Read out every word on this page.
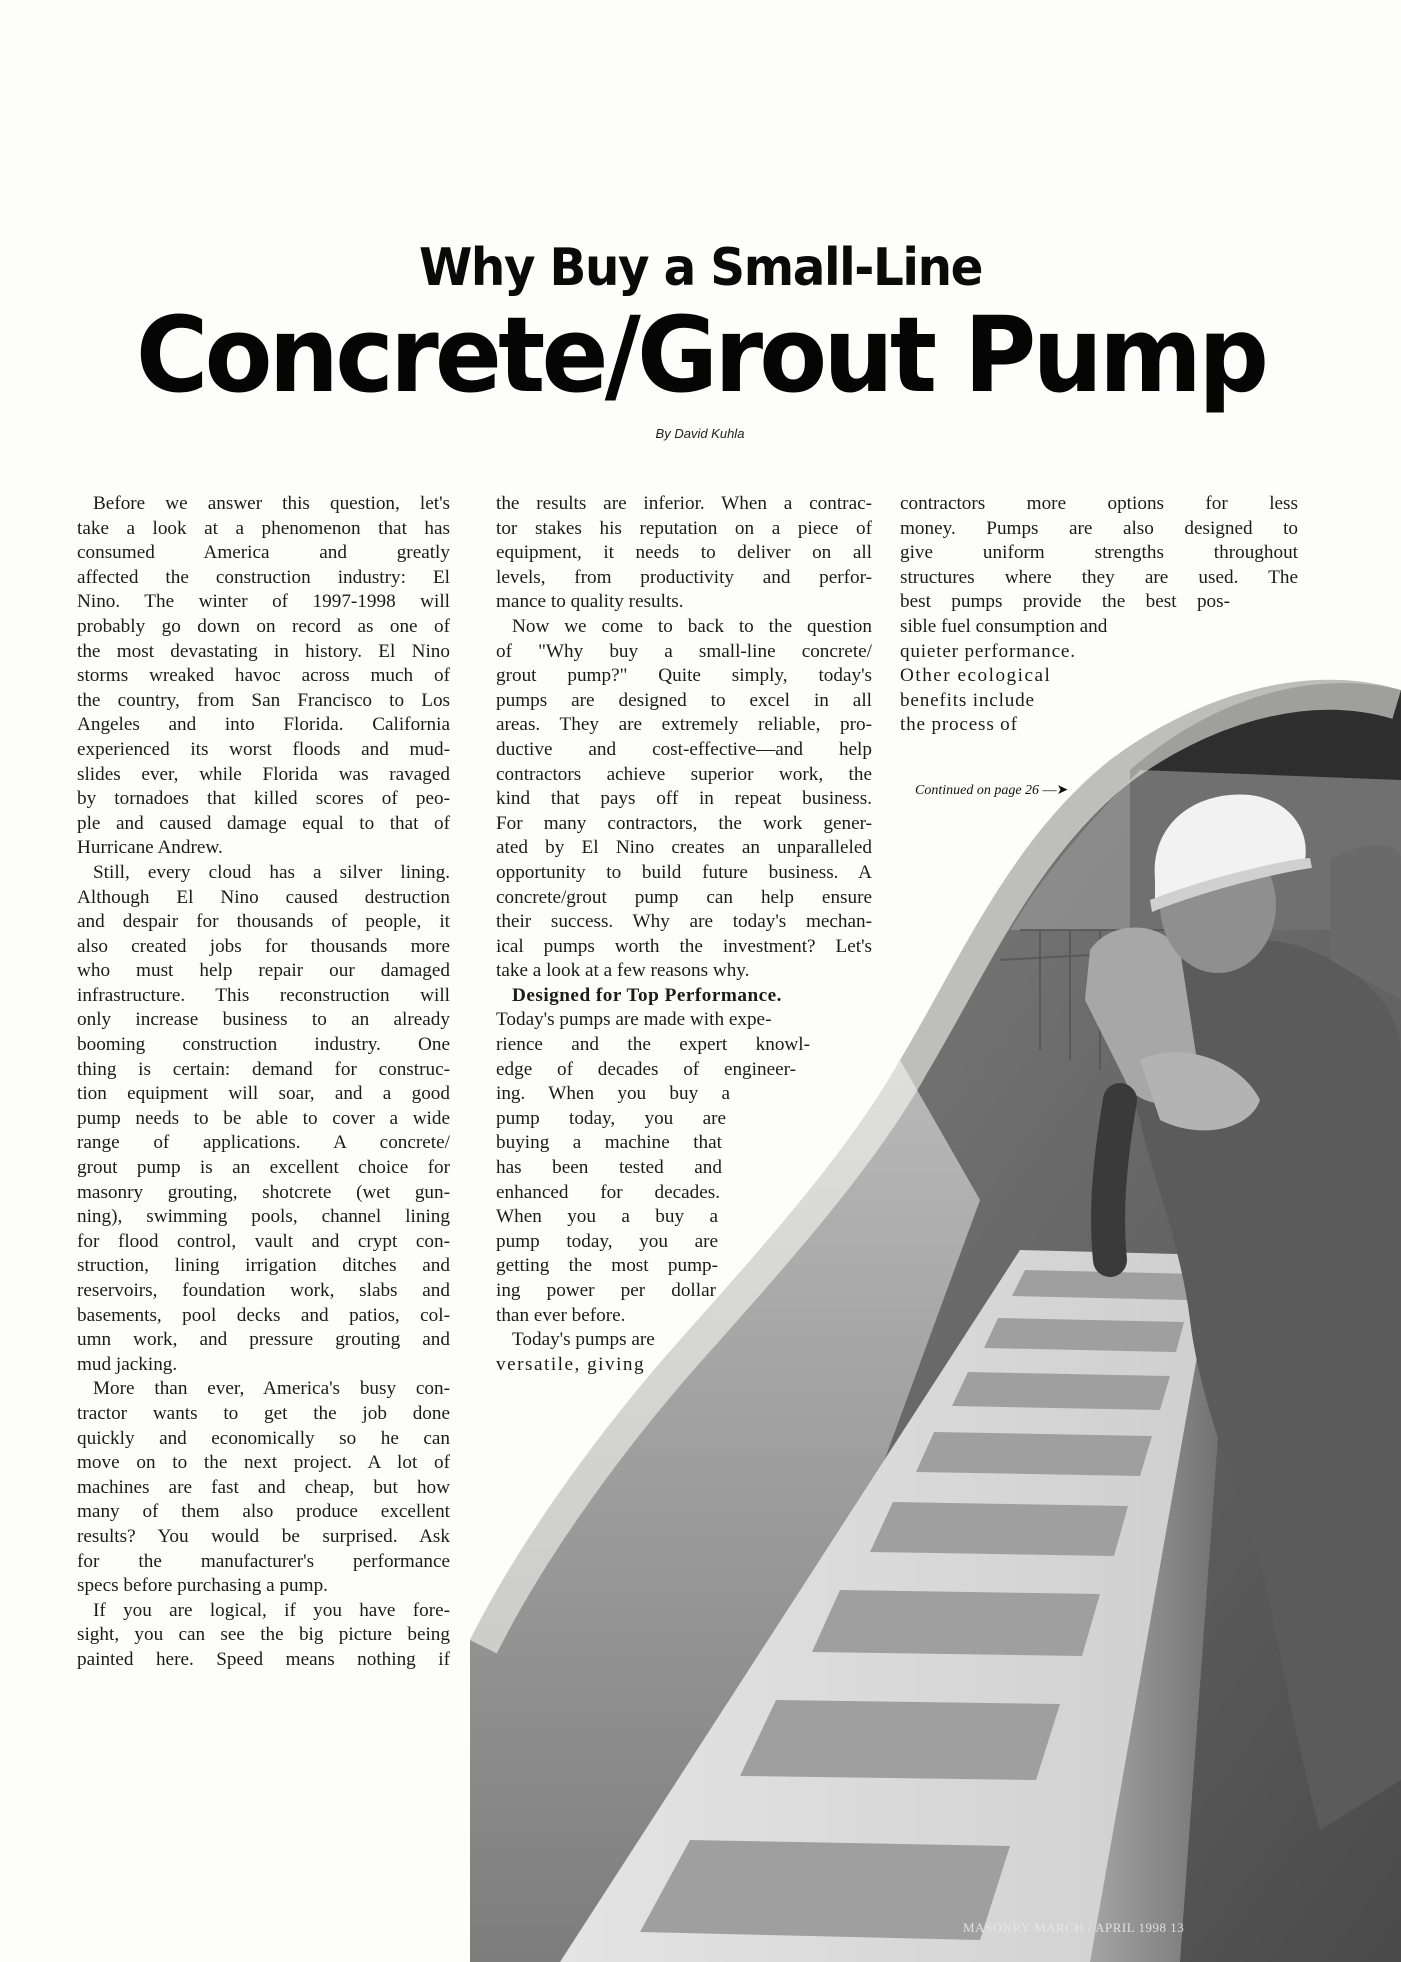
Why Buy a Small-Line
Concrete/Grout Pump
By David Kuhla

Before we answer this question, let's
take a look at a phenomenon that has
consumed America and greatly
affected the construction industry: El
Nino. The winter of 1997-1998 will
probably go down on record as one of
the most devastating in history. El Nino
storms wreaked havoc across much of
the country, from San Francisco to Los
Angeles and into Florida. California
experienced its worst floods and mud-
slides ever, while Florida was ravaged
by tornadoes that killed scores of peo-
ple and caused damage equal to that of
Hurricane Andrew.

Still, every cloud has a silver lining.
Although El Nino caused destruction
and despair for thousands of people, it
also created jobs for thousands more
who must help repair our damaged
infrastructure. This reconstruction will
only increase business to an already
booming construction industry. One
thing is certain: demand for construc-
tion equipment will soar, and a good
pump needs to be able to cover a wide
range of applications. A concrete/
grout pump is an excellent choice for
masonry grouting, shotcrete (wet gun-
ning), swimming pools, channel lining
for flood control, vault and crypt con-
struction, lining irrigation ditches and
reservoirs, foundation work, slabs and
basements, pool decks and patios, col-
umn work, and pressure grouting and
mud jacking.

More than ever, America's busy con-
tractor wants to get the job done
quickly and economically so he can
move on to the next project. A lot of
machines are fast and cheap, but how
many of them also produce excellent
results? You would be surprised. Ask
for the manufacturer's performance
specs before purchasing a pump.

If you are logical, if you have fore-
sight, you can see the big picture being
painted here. Speed means nothing if

the results are inferior. When a contrac-
tor stakes his reputation on a piece of
equipment, it needs to deliver on all
levels, from productivity and perfor-
mance to quality results.

Now we come to back to the question
of "Why buy a small-line concrete/
grout pump?" Quite simply, today's
pumps are designed to excel in all
areas. They are extremely reliable, pro-
ductive and cost-effective—and help
contractors achieve superior work, the
kind that pays off in repeat business.
For many contractors, the work gener-
ated by El Nino creates an unparalleled
opportunity to build future business. A
concrete/grout pump can help ensure
their success. Why are today's mechan-
ical pumps worth the investment? Let's
take a look at a few reasons why.

Designed for Top Performance.
Today's pumps are made with expe-
rience and the expert knowl-
edge of decades of engineer-
ing. When you buy a
pump today, you are
buying a machine that
has been tested and
enhanced for decades.
When you a buy a
pump today, you are
getting the most pump-
ing power per dollar
than ever before.

Today's pumps are
versatile, giving

contractors more options for less
money. Pumps are also designed to
give uniform strengths throughout
structures where they are used. The
best pumps provide the best pos-
sible fuel consumption and
quieter performance.
Other ecological
benefits include
the process of

Continued on page 26 —➤
MASONRY MARCH / APRIL 1998 13
